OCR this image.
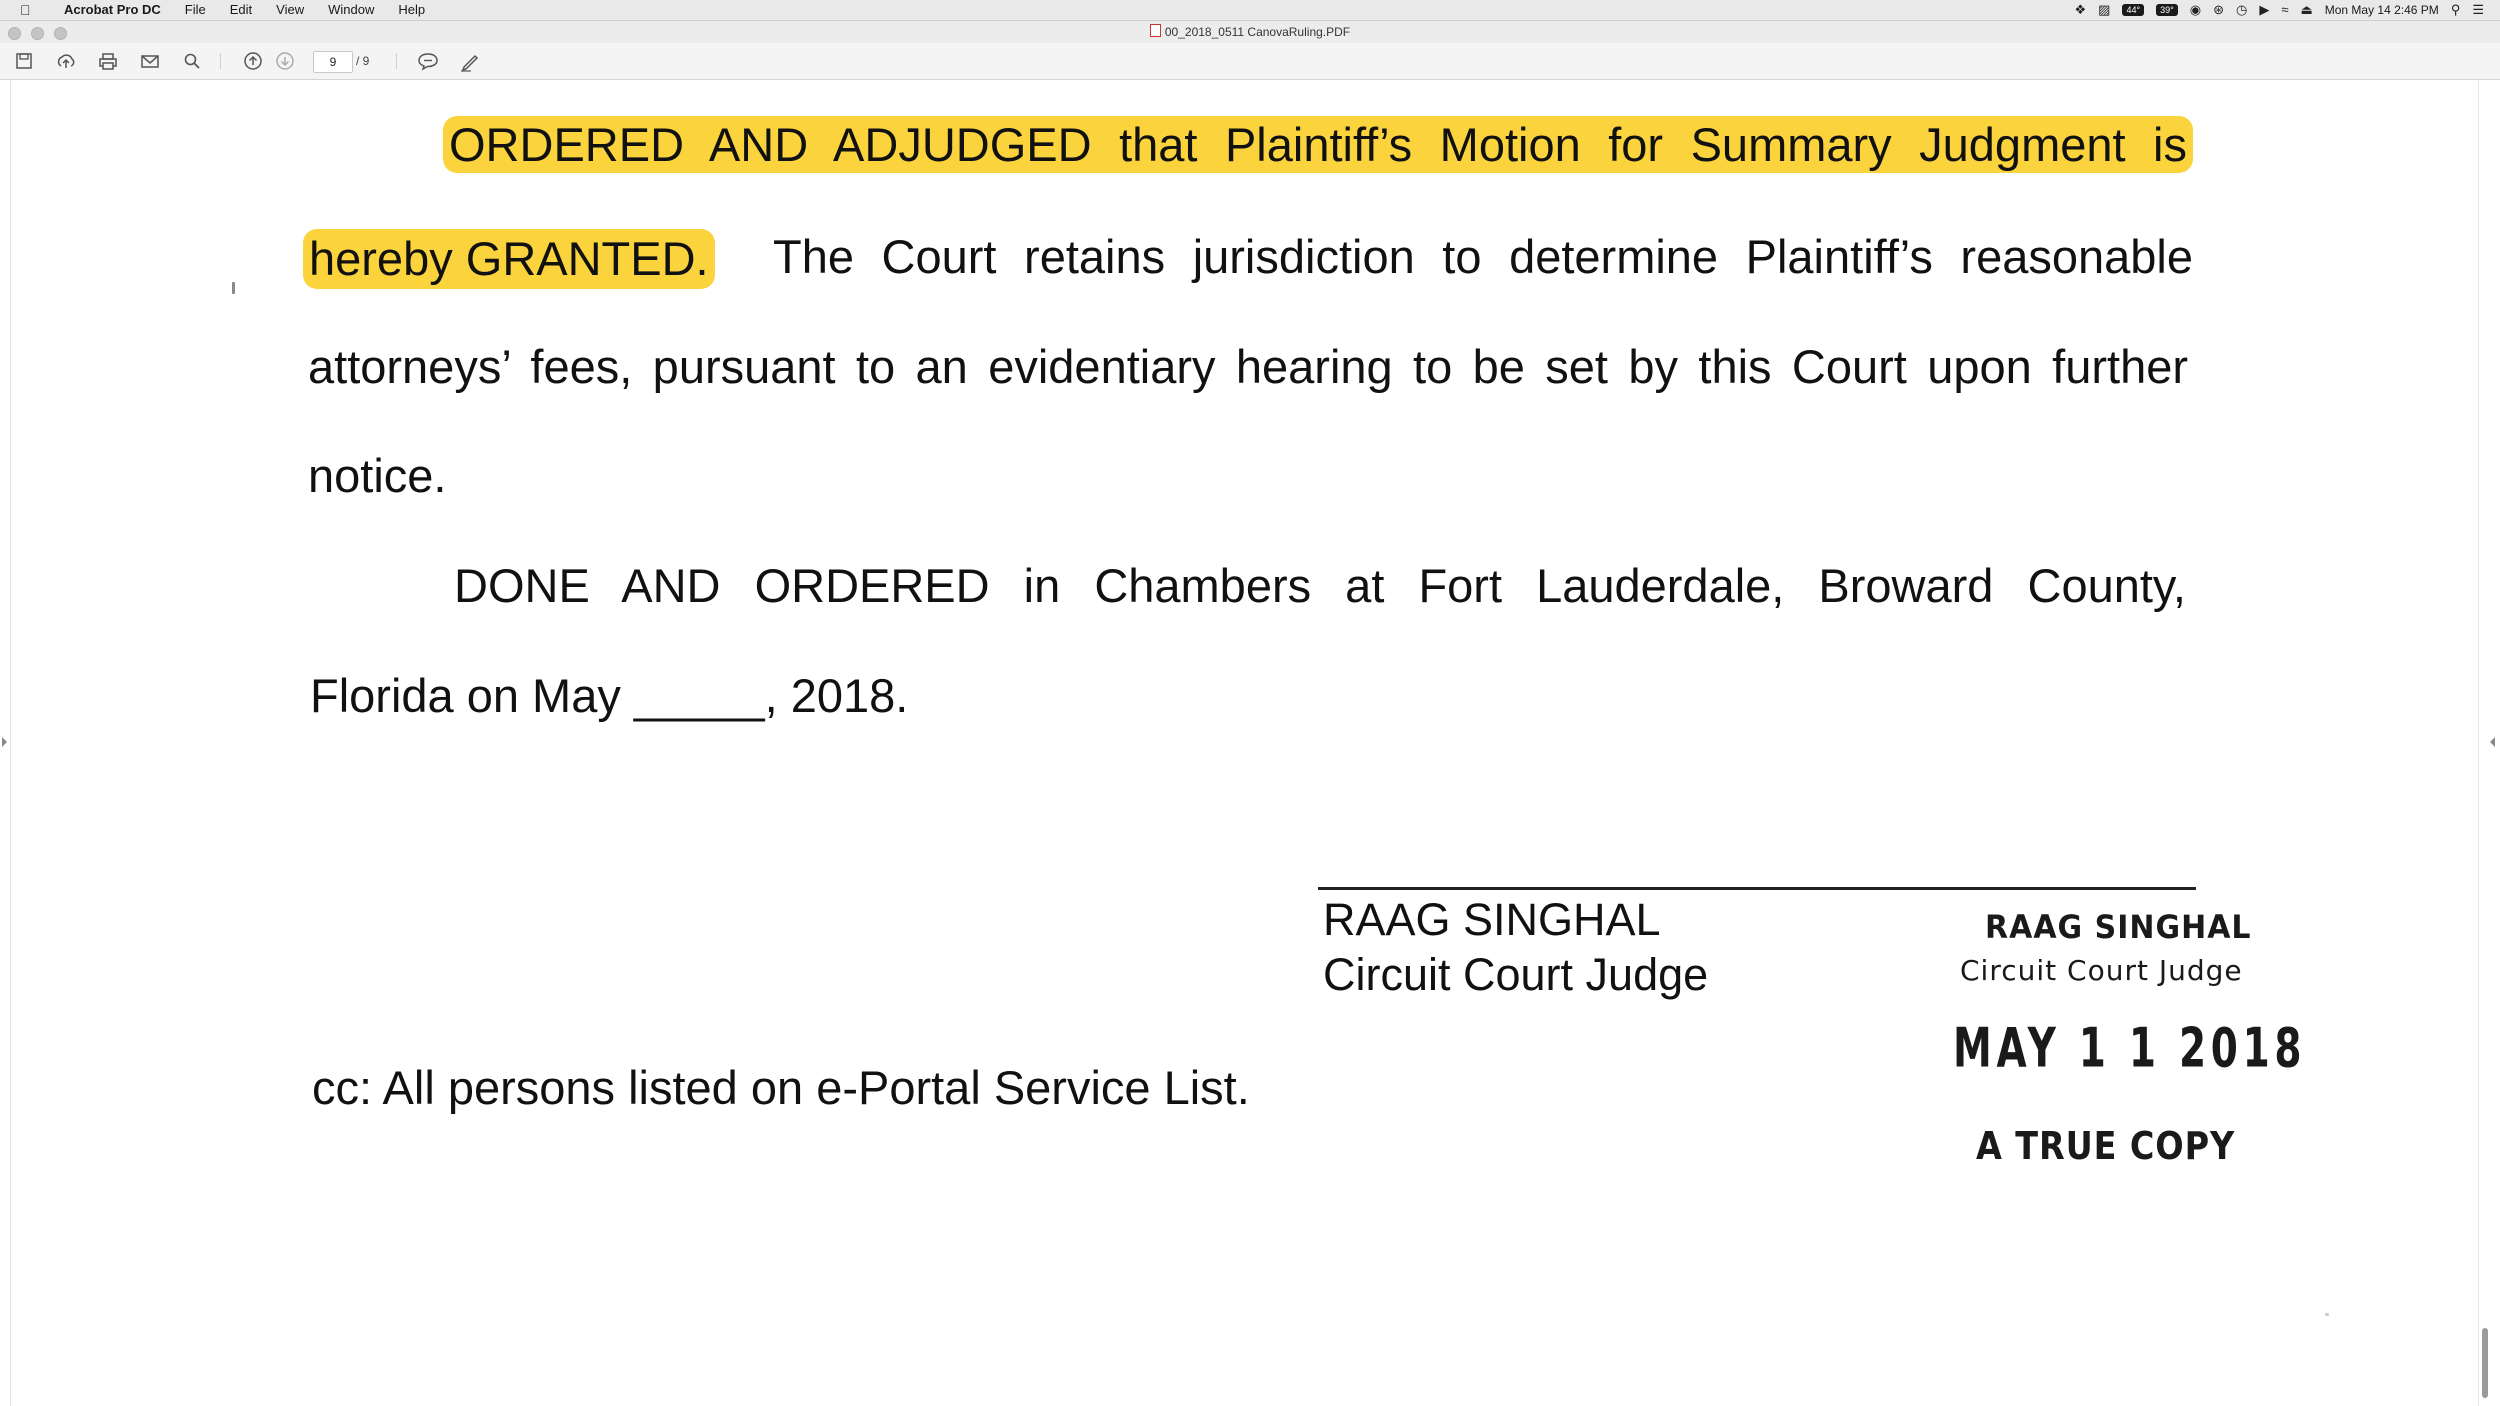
Acrobat Pro DC	File	Edit	View	Window	Help	❖ ▨	44°	39°	◉ ⊛ ◷ ▶ ≈ ⏏ Mon May 14 2:46 PM ⚲ ☰
00_2018_0511 CanovaRuling.PDF
9	/ 9
ORDERED AND ADJUDGED that Plaintiff’s Motion for Summary Judgment is
hereby GRANTED. The Court retains jurisdiction to determine Plaintiff’s reasonable
attorneys’ fees, pursuant to an evidentiary hearing to be set by this Court upon further
notice.
DONE AND ORDERED in Chambers at Fort Lauderdale, Broward County,
Florida on May _____, 2018.
RAAG SINGHAL
Circuit Court Judge
RAAG SINGHAL
Circuit Court Judge
MAY 1 1 2018
A TRUE COPY
cc: All persons listed on e-Portal Service List.
